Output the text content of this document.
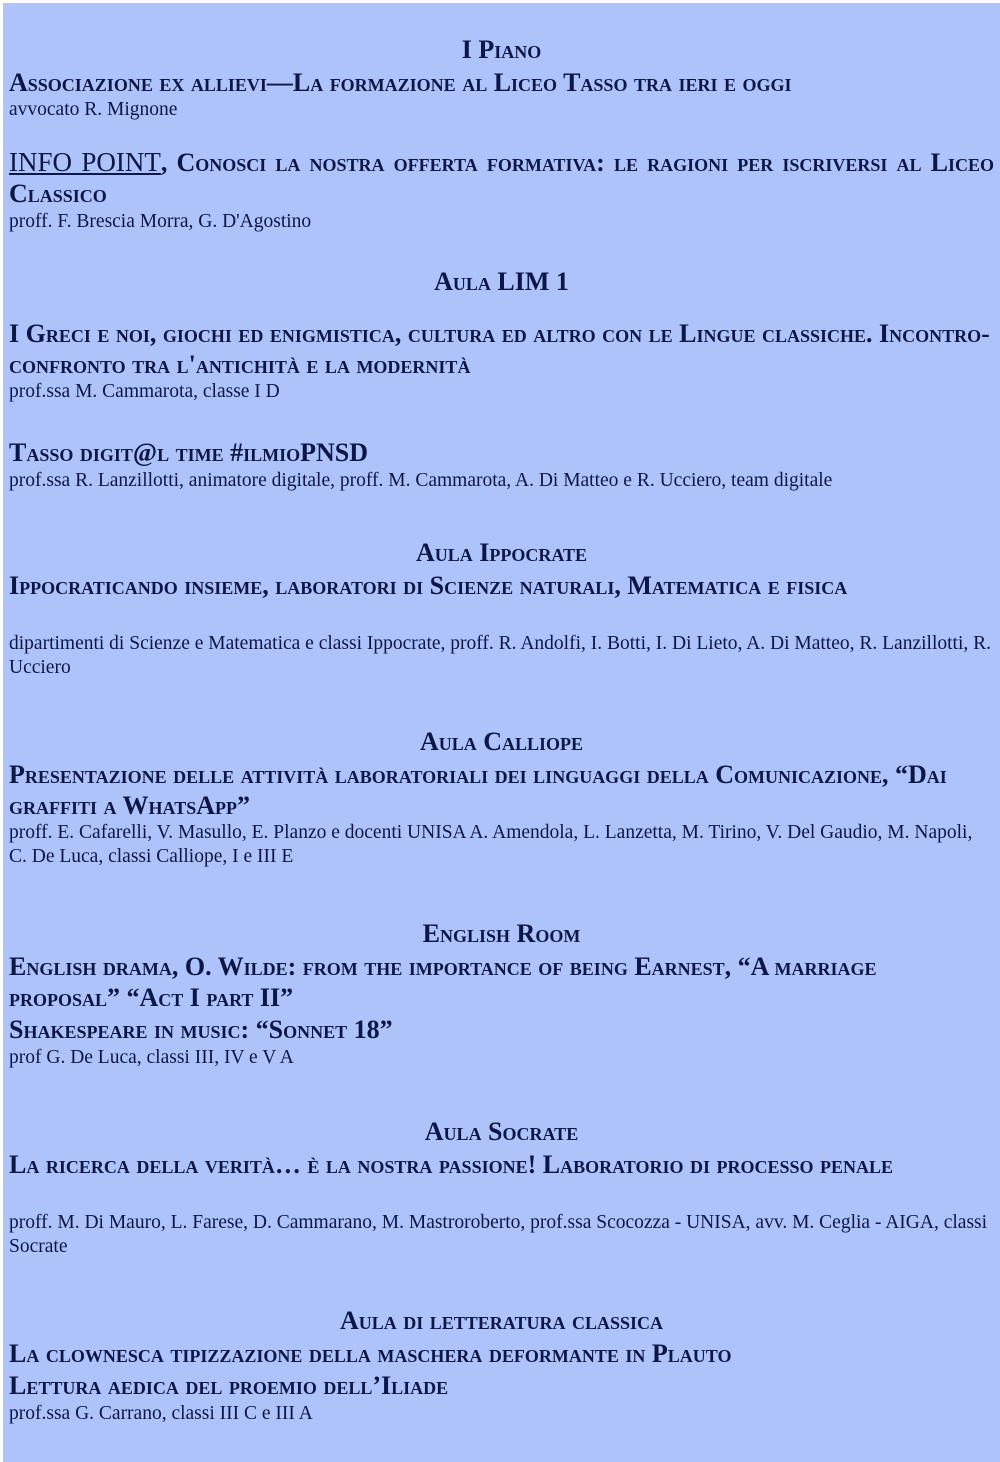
I Piano
Associazione ex allievi—La formazione al Liceo Tasso tra ieri e oggi
avvocato R. Mignone
INFO POINT, Conosci la nostra offerta formativa: le ragioni per iscriversi al Liceo Classico
proff. F. Brescia Morra, G. D'Agostino
Aula LIM 1
I Greci e noi, giochi ed enigmistica, cultura ed altro con le Lingue classiche. Incontro-confronto tra l'antichità e la modernità
prof.ssa M. Cammarota, classe I D
Tasso digit@l time #ilmioPNSD
prof.ssa R. Lanzillotti, animatore digitale, proff. M. Cammarota, A. Di Matteo e R. Ucciero, team digitale
Aula Ippocrate
Ippocraticando insieme, laboratori di Scienze naturali, Matematica e fisica
dipartimenti di Scienze e Matematica e classi Ippocrate, proff. R. Andolfi, I. Botti, I. Di Lieto, A. Di Matteo, R. Lanzillotti, R. Ucciero
Aula Calliope
Presentazione delle attività laboratoriali dei linguaggi della Comunicazione, “Dai graffiti a WhatsApp”
proff. E. Cafarelli, V. Masullo, E. Planzo e docenti UNISA A. Amendola, L. Lanzetta, M. Tirino, V. Del Gaudio, M. Napoli, C. De Luca, classi Calliope, I e III E
English Room
English drama, O. Wilde: from the importance of being Earnest, “A marriage proposal” “Act I part II”
Shakespeare in music: “Sonnet 18”
prof G. De Luca, classi III, IV e V A
Aula Socrate
La ricerca della verità… è la nostra passione! Laboratorio di processo penale
proff. M. Di Mauro, L. Farese, D. Cammarano, M. Mastroroberto, prof.ssa Scocozza - UNISA, avv. M. Ceglia - AIGA, classi Socrate
Aula di letteratura classica
La clownesca tipizzazione della maschera deformante in Plauto
Lettura aedica del proemio dell’Iliade
prof.ssa G. Carrano, classi III C e III A
